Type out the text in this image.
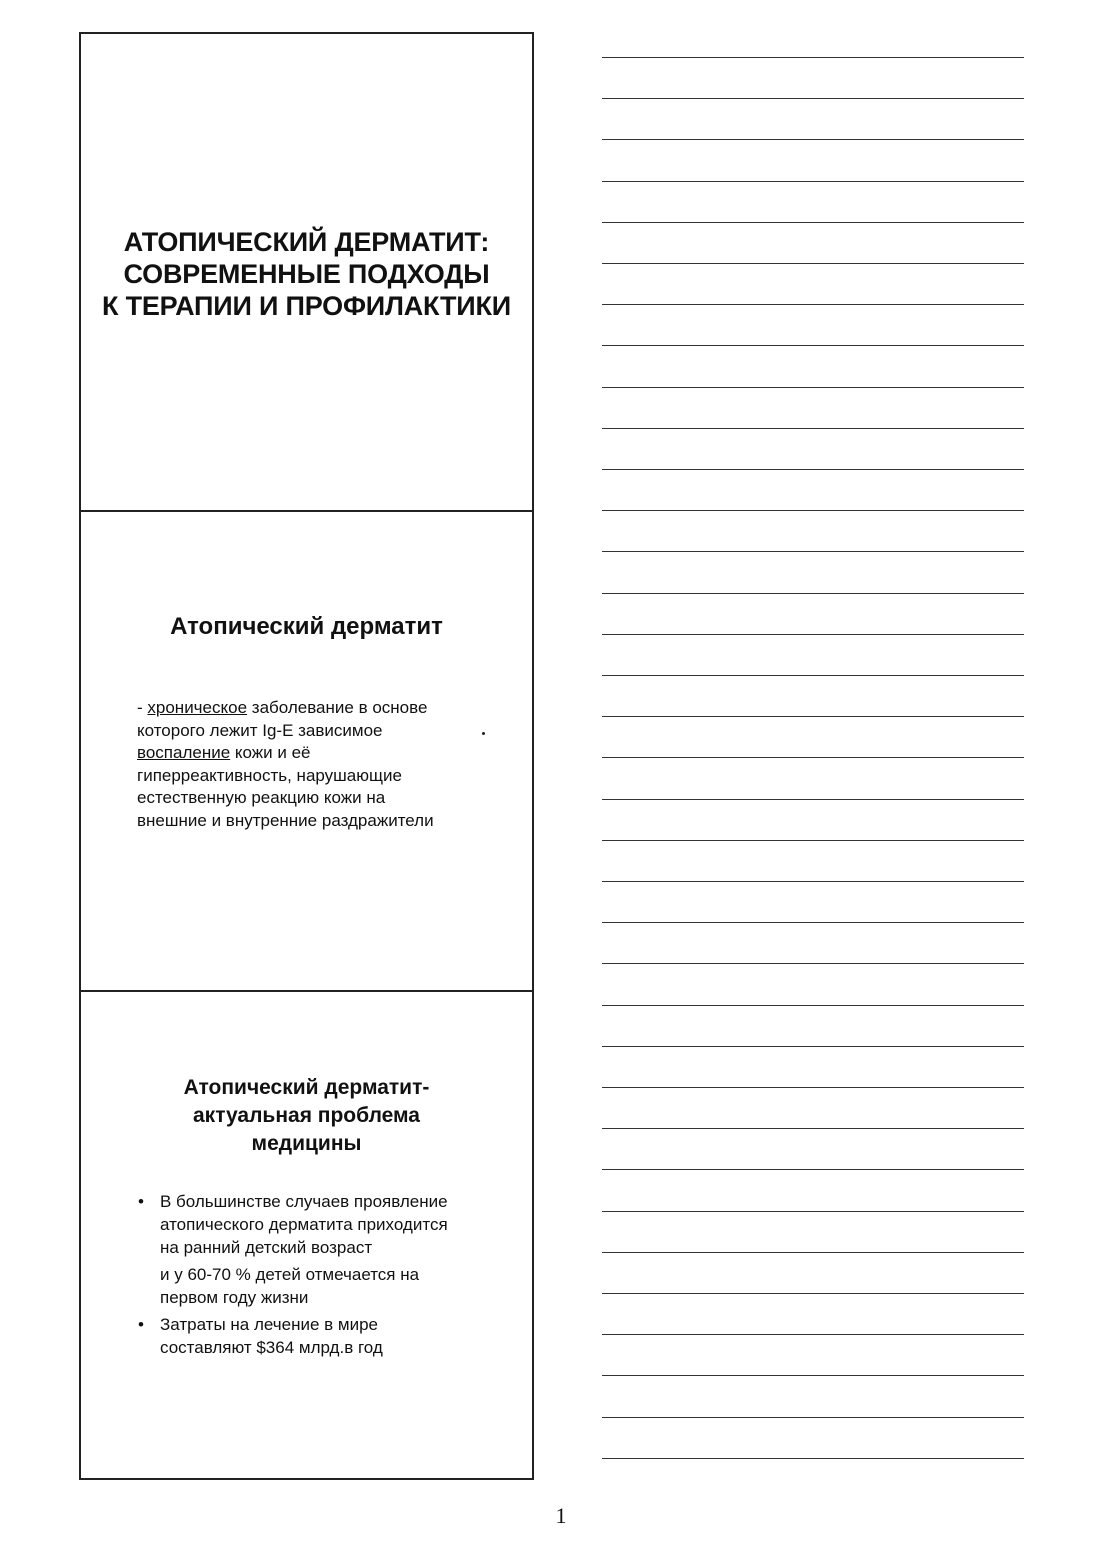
АТОПИЧЕСКИЙ ДЕРМАТИТ:
СОВРЕМЕННЫЕ ПОДХОДЫ
К ТЕРАПИИ И ПРОФИЛАКТИКИ
Атопический дерматит
- хроническое заболевание в основе
которого лежит Ig-E зависимое
воспаление кожи и её
гиперреактивность, нарушающие
естественную реакцию кожи на
внешние и внутренние раздражители
Атопический дерматит-
актуальная проблема
медицины
• В большинстве случаев проявление
атопического дерматита приходится
на ранний детский возраст
и у 60-70 % детей отмечается на
первом году жизни
• Затраты на лечение в мире
составляют $364 млрд.в год
1
